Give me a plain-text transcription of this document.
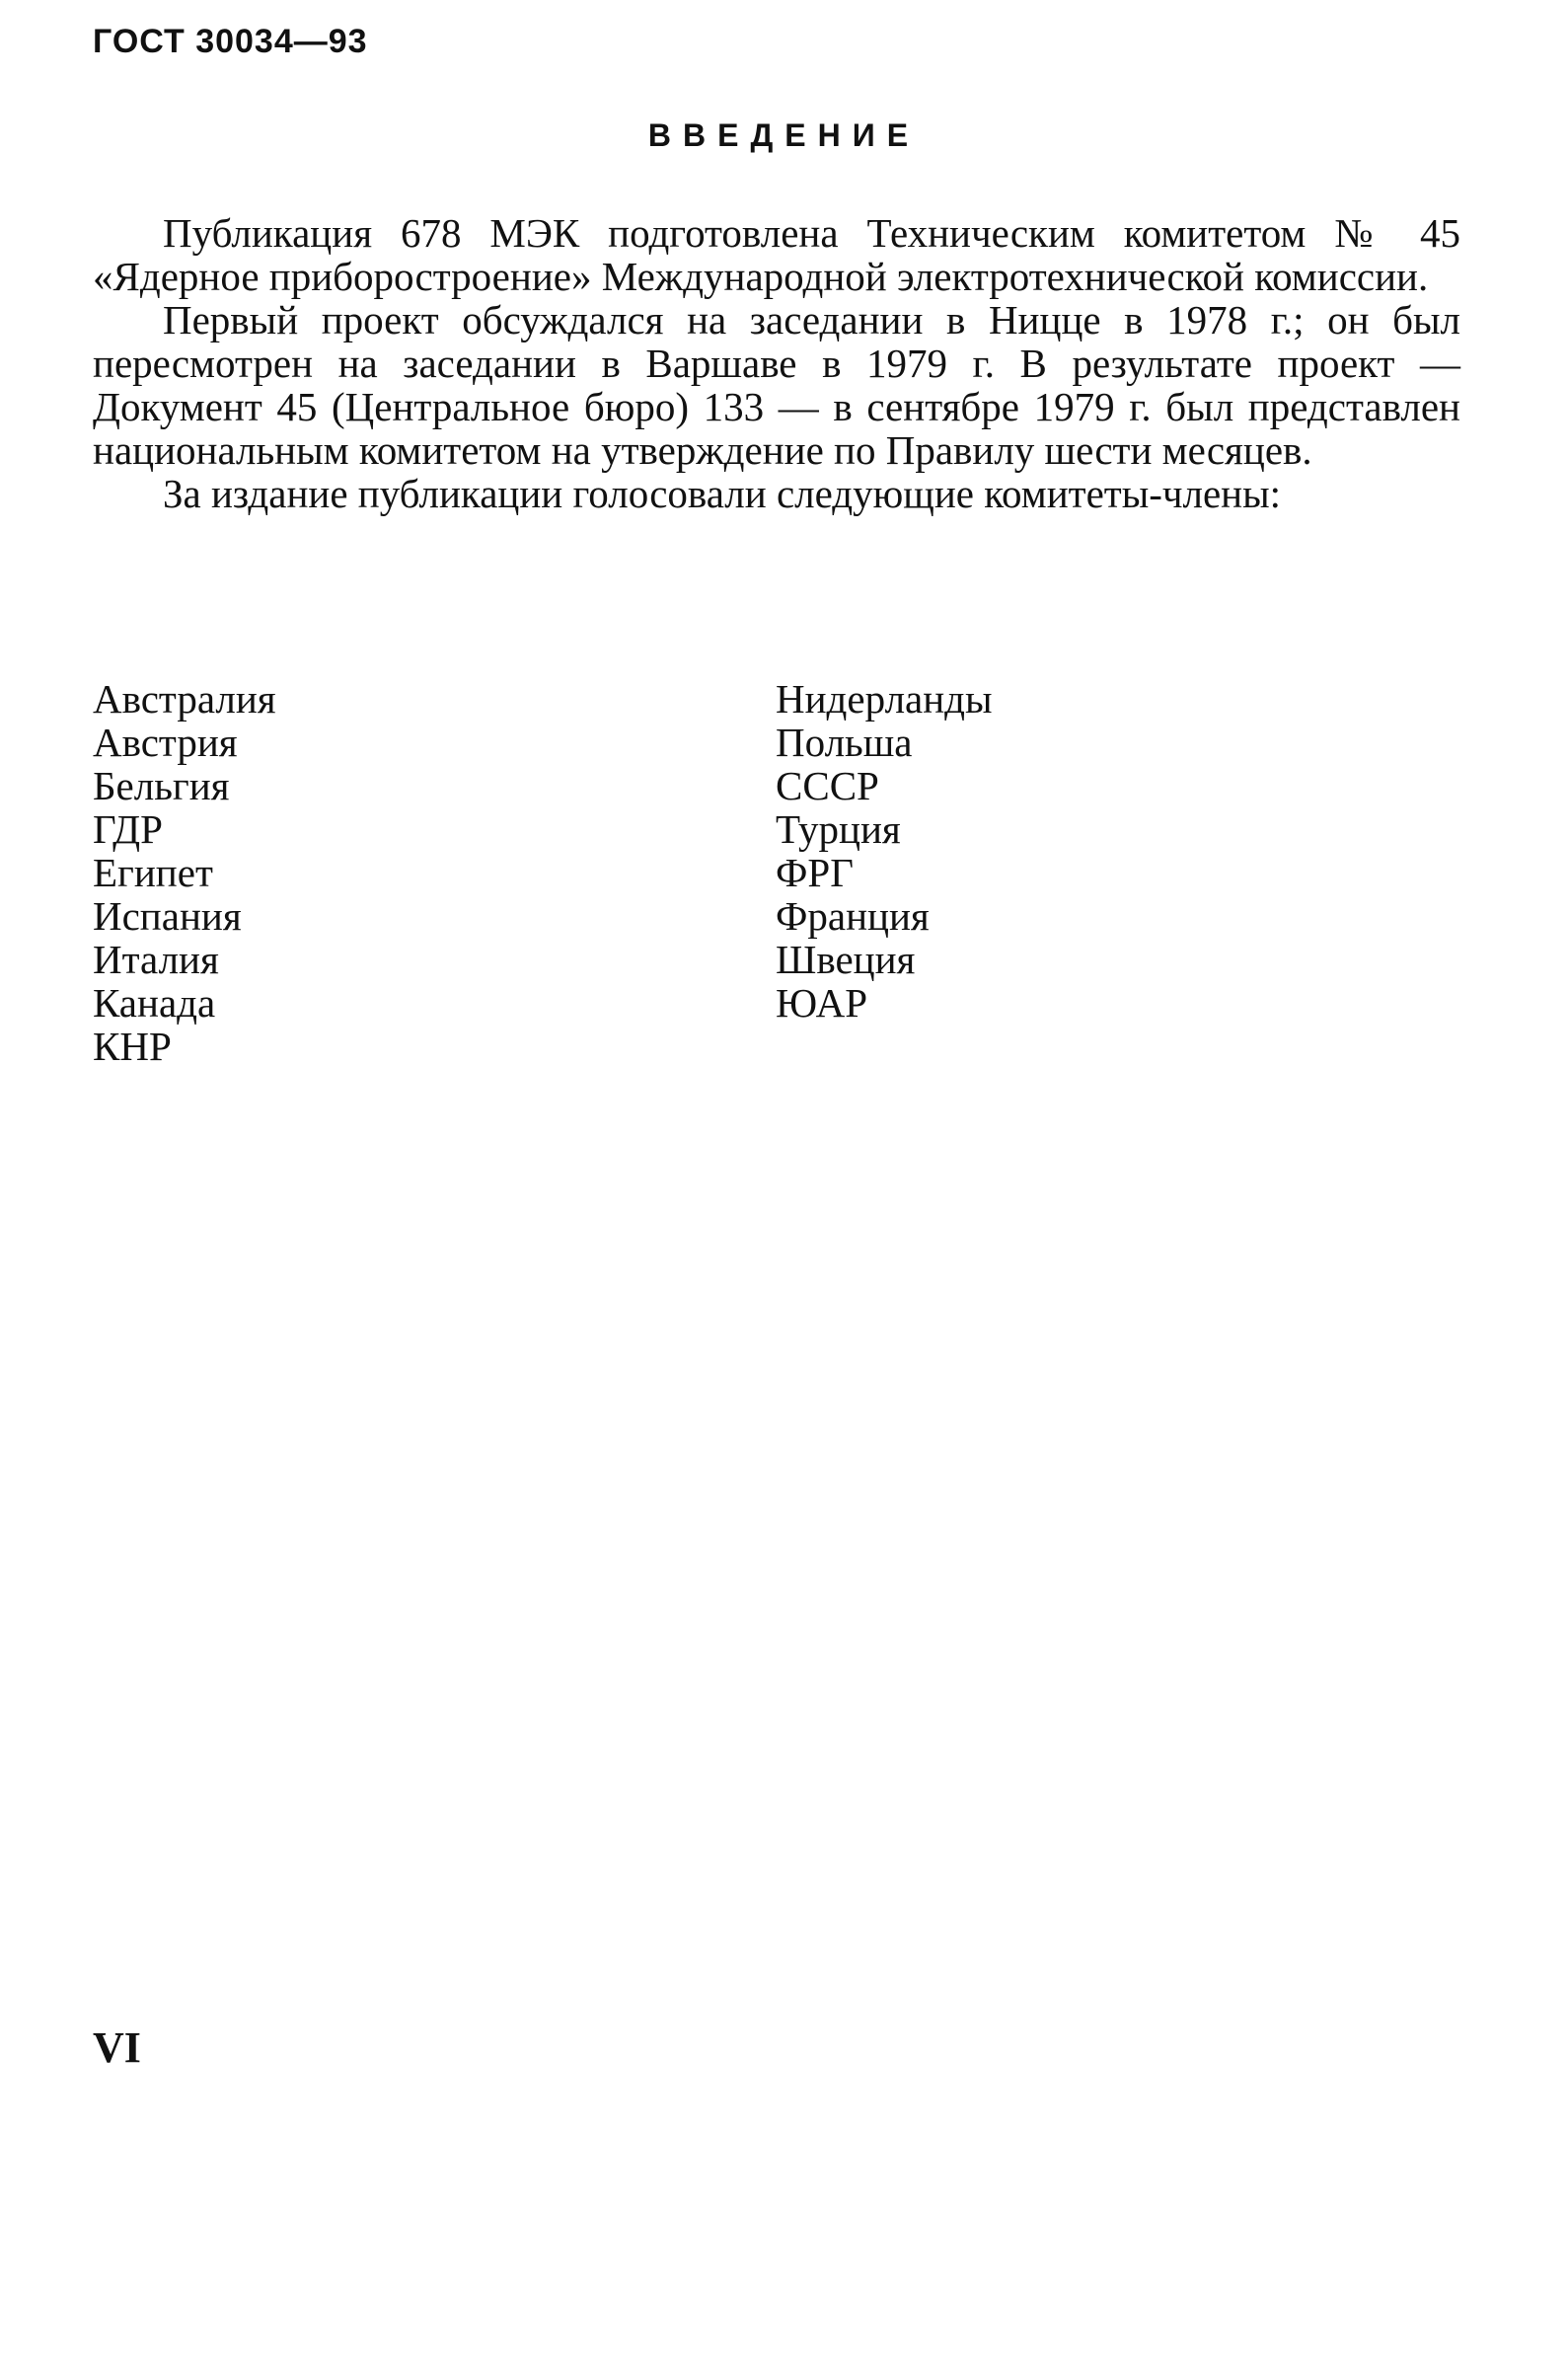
ГОСТ 30034—93
ВВЕДЕНИЕ

Публикация 678 МЭК подготовлена Техническим комитетом № 45 «Ядерное приборостроение» Международной электротехнической комиссии.

Первый проект обсуждался на заседании в Ницце в 1978 г.; он был пересмотрен на заседании в Варшаве в 1979 г. В результате проект — Документ 45 (Центральное бюро) 133 — в сентябре 1979 г. был представлен национальным комитетом на утверждение по Правилу шести месяцев.

За издание публикации голосовали следующие комитеты-члены:

Австралия
Австрия
Бельгия
ГДР
Египет
Испания
Италия
Канада
КНР
Нидерланды
Польша
СССР
Турция
ФРГ
Франция
Швеция
ЮАР
VI
